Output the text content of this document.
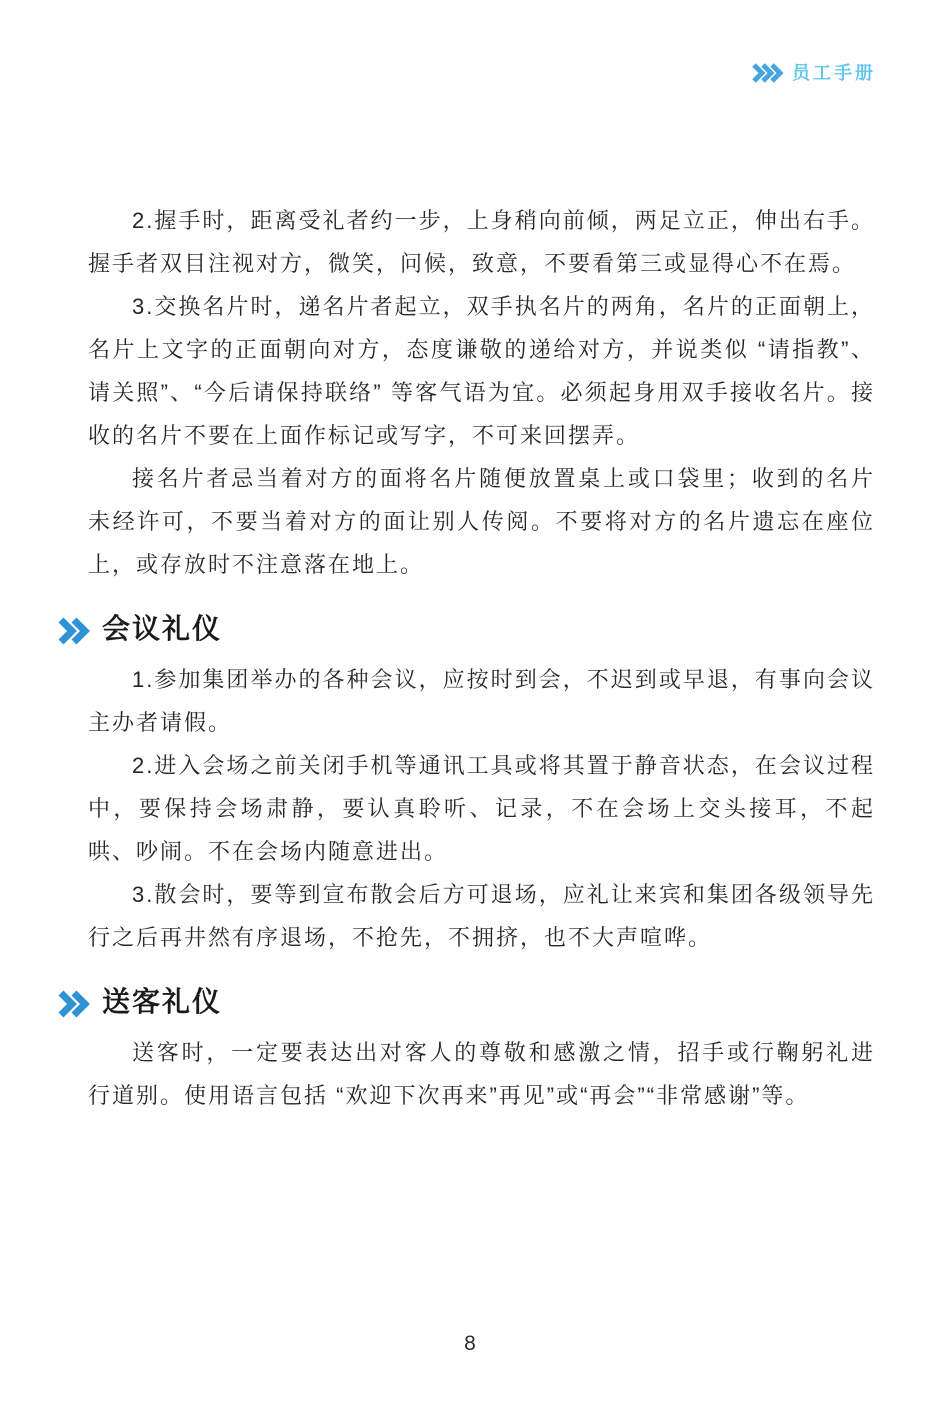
员工手册

2.握手时，距离受礼者约一步，上身稍向前倾，两足立正，伸出右手。握手者双目注视对方，微笑，问候，致意，不要看第三或显得心不在焉。

3.交换名片时，递名片者起立，双手执名片的两角，名片的正面朝上，名片上文字的正面朝向对方，态度谦敬的递给对方，并说类似 “请指教”、请关照”、“今后请保持联络” 等客气语为宜。必须起身用双手接收名片。接收的名片不要在上面作标记或写字，不可来回摆弄。

接名片者忌当着对方的面将名片随便放置桌上或口袋里；收到的名片未经许可，不要当着对方的面让别人传阅。不要将对方的名片遗忘在座位上，或存放时不注意落在地上。

会议礼仪

1.参加集团举办的各种会议，应按时到会，不迟到或早退，有事向会议主办者请假。

2.进入会场之前关闭手机等通讯工具或将其置于静音状态，在会议过程中，要保持会场肃静，要认真聆听、记录，不在会场上交头接耳，不起哄、吵闹。不在会场内随意进出。

3.散会时，要等到宣布散会后方可退场，应礼让来宾和集团各级领导先行之后再井然有序退场，不抢先，不拥挤，也不大声喧哗。

送客礼仪

送客时，一定要表达出对客人的尊敬和感激之情，招手或行鞠躬礼进行道别。使用语言包括 “欢迎下次再来”再见”或“再会”“非常感谢”等。

8
